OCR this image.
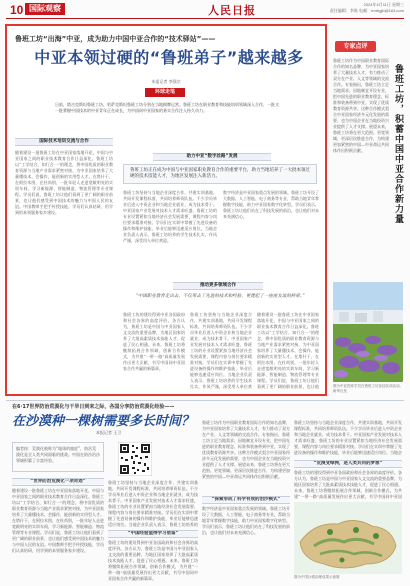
10 国际观察	人民日报	2024年4月11日 星期三
责任编辑：李陈 电邮：rmrbgjb@163.com
鲁班工坊“出海”中亚，成为助力中国中亚合作的“技术驿站”——
中亚本领过硬的“鲁班弟子”越来越多
本报记者 李强宗
环球走笔
日前，塔吉克斯坦鲁班工坊、哈萨克斯坦鲁班工坊分别在当地揭牌运营。鲁班工坊在职业教育和技能培训领域深入合作，一批又一批掌握中国技术的中亚青年正在成长，为中国同中亚国家的务实合作注入持久动力。
国际技术培训交流与合作
随着建设一批鲁班工坊在中亚国家落地开花，中国与中亚国家之间的职业技术教育合作日益深化。鲁班工坊以“工学结合、知行合一”的理念，将中国优质的职业教育资源与当地产业需求紧密对接，为中亚国家培养了大量懂技术、会操作、能创新的实用型人才。在塔什干，在阿拉木图，在杜尚别，一批年轻人走进宽敞明亮的实训车间，学习新能源、智能制造、物流管理等专业课程。学员们说，鲁班工坊让他们看到了更广阔的职业前景，也让他们感受到中国技术的魅力与中国人民的友谊。中国教师手把手传授技能，学员们认真钻研，用学到的本领服务家乡建设。
助力中亚“数字丝路”发展
鲁班工坊正在成为中国与中亚国家职业教育合作的重要平台，助力当地培养了一大批本领过硬的技术技能人才，为地区发展注入新活力。
鲁班工坊坚持与当地企业深度合作，共建实训基地，共同开发课程标准，共同培养师资队伍。不少学员毕业后进入中资企业和当地企业就业，成为技术骨干。中亚国家产业发展对技术人才需求旺盛，鲁班工坊的专业设置紧扣当地经济社会发展需要，课程内容与岗位要求精准对接。学员们在实训中掌握了先进设备的操作和维护技能，毕业后能够迅速适应岗位。当地企业负责人表示，鲁班工坊培养的学生技术扎实、作风严谨，深受用人单位欢迎。
数字经济是中亚国家重点发展的领域。鲁班工坊开设了大数据、人工智能、电子商务等专业，帮助当地青年掌握数字技能，助力中亚国家数字化转型。学员们表示，鲁班工坊让他们站在了科技发展的前沿，也让他们对未来充满信心。
推动更多领域合作
“中国职业教育走出去，不仅带去了先进的技术和经验，更建起了一座座友谊的桥梁。”
鲁班工坊的建设得到中亚各国政府和社会各界的高度评价。各方认为，鲁班工坊是中国与中亚国家人文交流的重要品牌，为地区国家培养了大批高素质技术技能人才，促进了民心相通。未来，鲁班工坊将继续拓展合作领域，创新合作模式，为共建“一带一路”高质量发展作出更大贡献，书写中国同中亚国家合作共赢的新篇章。
鲁班工坊坚持与当地企业深度合作，共建实训基地，共同开发课程标准，共同培养师资队伍。不少学员毕业后进入中资企业和当地企业就业，成为技术骨干。中亚国家产业发展对技术人才需求旺盛，鲁班工坊的专业设置紧扣当地经济社会发展需要，课程内容与岗位要求精准对接。学员们在实训中掌握了先进设备的操作和维护技能，毕业后能够迅速适应岗位。当地企业负责人表示，鲁班工坊培养的学生技术扎实、作风严谨，深受用人单位欢
随着建设一批鲁班工坊在中亚国家落地开花，中国与中亚国家之间的职业技术教育合作日益深化。鲁班工坊以“工学结合、知行合一”的理念，将中国优质的职业教育资源与当地产业需求紧密对接，为中亚国家培养了大量懂技术、会操作、能创新的实用型人才。在塔什干，在阿拉木图，在杜尚别，一批年轻人走进宽敞明亮的实训车间，学习新能源、智能制造、物流管理等专业课程。学员们说，鲁班工坊让他们看到了更广阔的职业前景，也让他
专家点评
鲁班工坊作为中国职业教育国际合作的知名品牌，为中亚国家培养了大量技术人才，有力推动了双方在产业、人文等领域的交流合作。专家指出，鲁班工坊立足当地需求，因地制宜开设专业，把中国先进的职业教育理念、标准和装备带到中亚，实现了优质教育资源共享。这种合作模式契合中亚国家经济多元化发展的需要，也为中国企业在当地投资兴业提供了人才支撑。展望未来，鲁班工坊将在更大范围、更宽领域、更深层次推进合作，为构建更加紧密的中国—中亚命运共同体作出积极贡献。	鲁班工坊，积蓄中国中亚合作新力量
图为中亚国家学员在鲁班工坊参加实训活动。新华社发
在6·17世界防治荒漠化与干旱日到来之际，各国分享防治荒漠化经验——
在沙漠种一棵树需要多长时间？
本报记者 王卫
编者按：荒漠化被称为“地球的癌症”，防治荒漠化是全人类共同面临的挑战。中国在防沙治沙领域积累了丰富经验。
“世界防治荒漠化一项奇迹”
随着建设一批鲁班工坊在中亚国家落地开花，中国与中亚国家之间的职业技术教育合作日益深化。鲁班工坊以“工学结合、知行合一”的理念，将中国优质的职业教育资源与当地产业需求紧密对接，为中亚国家培养了大量懂技术、会操作、能创新的实用型人才。在塔什干，在阿拉木图，在杜尚别，一批年轻人走进宽敞明亮的实训车间，学习新能源、智能制造、物流管理等专业课程。学员们说，鲁班工坊让他们看到了更广阔的职业前景，也让他们感受到中国技术的魅力与中国人民的友谊。中国教师手把手传授技能，学员们认真钻研，用学到的本领服务家乡建设。
鲁班工坊坚持与当地企业深度合作，共建实训基地，共同开发课程标准，共同培养师资队伍。不少学员毕业后进入中资企业和当地企业就业，成为技术骨干。中亚国家产业发展对技术人才需求旺盛，鲁班工坊的专业设置紧扣当地经济社会发展需要，课程内容与岗位要求精准对接。学员们在实训中掌握了先进设备的操作和维护技能，毕业后能够迅速适应岗位。当地企业负责人表示，鲁班工坊培养的
“中国经验值得学习借鉴”
鲁班工坊的建设得到中亚各国政府和社会各界的高度评价。各方认为，鲁班工坊是中国与中亚国家人文交流的重要品牌，为地区国家培养了大批高素质技术技能人才，促进了民心相通。未来，鲁班工坊将继续拓展合作领域，创新合作模式，为共建“一带一路”高质量发展作出更大贡献，书写中国同中亚国家合作共赢的新篇章。
鲁班工坊作为中国职业教育国际合作的知名品牌，为中亚国家培养了大量技术人才，有力推动了双方在产业、人文等领域的交流合作。专家指出，鲁班工坊立足当地需求，因地制宜开设专业，把中国先进的职业教育理念、标准和装备带到中亚，实现了优质教育资源共享。这种合作模式契合中亚国家经济多元化发展的需要，也为中国企业在当地投资兴业提供了人才支撑。展望未来，鲁班工坊将在更大范围、更宽领域、更深层次推进合作，为构建更加紧密的中国—中亚命运共同体作出积极贡献。
“探索形成了科学有效的治沙模式”
数字经济是中亚国家重点发展的领域。鲁班工坊开设了大数据、人工智能、电子商务等专业，帮助当地青年掌握数字技能，助力中亚国家数字化转型。学员们表示，鲁班工坊让他们站在了科技发展的前沿，也让他们对未来充满信心。
鲁班工坊坚持与当地企业深度合作，共建实训基地，共同开发课程标准，共同培养师资队伍。不少学员毕业后进入中资企业和当地企业就业，成为技术骨干。中亚国家产业发展对技术人才需求旺盛，鲁班工坊的专业设置紧扣当地经济社会发展需要，课程内容与岗位要求精准对接。学员们在实训中掌握了先进设备的操作和维护技能，毕业后能够迅速适应岗位。当地企
“荒漠变绿洲，是人类共同的梦想”
鲁班工坊的建设得到中亚各国政府和社会各界的高度评价。各方认为，鲁班工坊是中国与中亚国家人文交流的重要品牌，为地区国家培养了大批高素质技术技能人才，促进了民心相通。未来，鲁班工坊将继续拓展合作领域，创新合作模式，为共建“一带一路”高质量发展作出更大贡献，书写中国同中亚国
图为中国沙漠治理成果示意图
